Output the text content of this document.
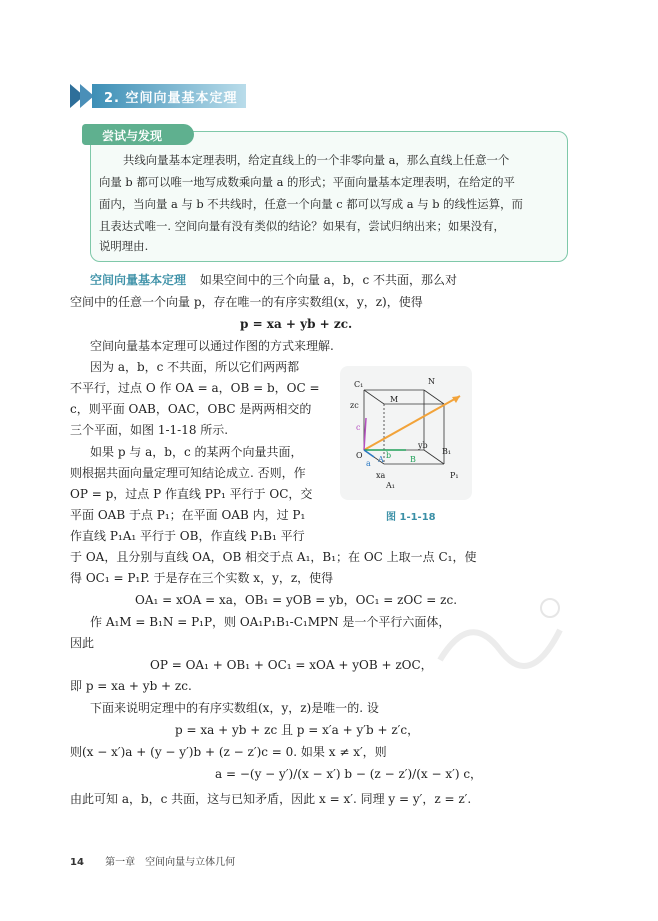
2. 空间向量基本定理
共线向量基本定理表明，给定直线上的一个非零向量 a，那么直线上任意一个
向量 b 都可以唯一地写成数乘向量 a 的形式；平面向量基本定理表明，在给定的平
面内，当向量 a 与 b 不共线时，任意一个向量 c 都可以写成 a 与 b 的线性运算，而
且表达式唯一. 空间向量有没有类似的结论？如果有，尝试归纳出来；如果没有，
说明理由.
尝试与发现
空间向量基本定理 如果空间中的三个向量 a，b，c 不共面，那么对
空间中的任意一个向量 p，存在唯一的有序实数组(x，y，z)，使得
p = xa + yb + zc.
空间向量基本定理可以通过作图的方式来理解.
因为 a，b，c 不共面，所以它们两两都
不平行，过点 O 作 OA = a，OB = b，OC =
c，则平面 OAB，OAC，OBC 是两两相交的
三个平面，如图 1-1-18 所示.
如果 p 与 a，b，c 的某两个向量共面，
则根据共面向量定理可知结论成立. 否则，作
OP = p，过点 P 作直线 PP₁ 平行于 OC，交
平面 OAB 于点 P₁；在平面 OAB 内，过 P₁
作直线 P₁A₁ 平行于 OB，作直线 P₁B₁ 平行
于 OA，且分别与直线 OA，OB 相交于点 A₁，B₁；在 OC 上取一点 C₁，使
得 OC₁ = P₁P. 于是存在三个实数 x，y，z，使得
OA₁ = xOA = xa，OB₁ = yOB = yb，OC₁ = zOC = zc.
作 A₁M = B₁N = P₁P，则 OA₁P₁B₁-C₁MPN 是一个平行六面体，
因此
OP = OA₁ + OB₁ + OC₁ = xOA + yOB + zOC，
即 p = xa + yb + zc.
下面来说明定理中的有序实数组(x，y，z)是唯一的. 设
p = xa + yb + zc 且 p = x′a + y′b + z′c，
则(x − x′)a + (y − y′)b + (z − z′)c = 0. 如果 x ≠ x′，则
a = −(y − y′)/(x − x′) b − (z − z′)/(x − x′) c，
由此可知 a，b，c 共面，这与已知矛盾，因此 x = x′. 同理 y = y′，z = z′.
C₁	N
M
zc
c
O
yb
B₁
b B
a A
xa
A₁
P₁
图 1-1-18
14 第一章　空间向量与立体几何
